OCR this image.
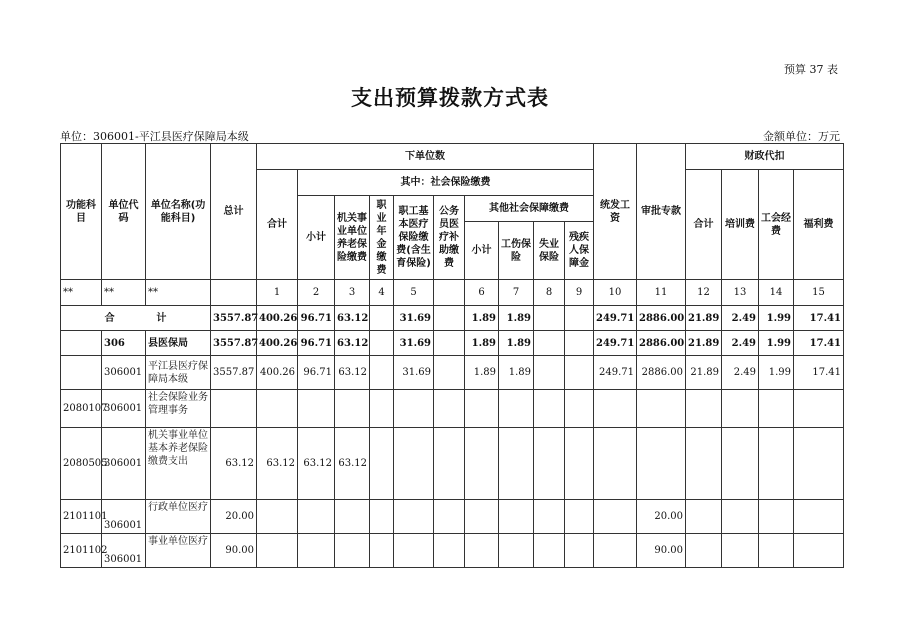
预算 37 表
支出预算拨款方式表
单位：306001-平江县医疗保障局本级	金额单位：万元
功能科目	单位代码	单位名称(功能科目)	总计	下单位数										统发工资	审批专款	财政代扣			
				合计	其中：社会保险缴费											合计	培训费	工会经费	福利费
					小计	机关事业单位养老保险缴费	职业年金缴费	职工基本医疗保险缴费(含生育保险)	公务员医疗补助缴费	其他社会保障缴费									
										小计	工伤保险	失业保险	残疾人保障金						
**	**	**		1	2	3	4	5		6	7	8	9	10	11	12	13	14	15
合 计			3557.87	400.26	96.71	63.12		31.69		1.89	1.89			249.71	2886.00	21.89	2.49	1.99	17.41
	306	县医保局	3557.87	400.26	96.71	63.12		31.69		1.89	1.89			249.71	2886.00	21.89	2.49	1.99	17.41
	306001	平江县医疗保障局本级	3557.87	400.26	96.71	63.12		31.69		1.89	1.89			249.71	2886.00	21.89	2.49	1.99	17.41
2080107	306001	社会保险业务管理事务																	
2080505	306001	机关事业单位基本养老保险缴费支出	63.12	63.12	63.12	63.12													
2101101	306001	行政单位医疗	20.00												20.00				
2101102	306001	事业单位医疗	90.00												90.00				
